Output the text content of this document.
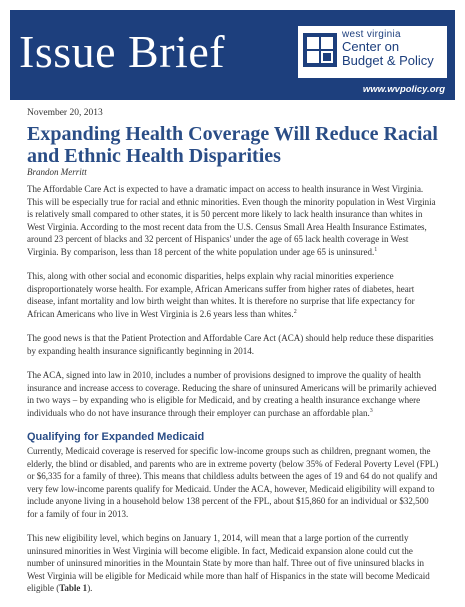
Issue Brief	west virginia
Center on
Budget & Policy
www.wvpolicy.org
November 20, 2013
Expanding Health Coverage Will Reduce Racial and Ethnic Health Disparities
Brandon Merritt

The Affordable Care Act is expected to have a dramatic impact on access to health insurance in West Virginia. This will be especially true for racial and ethnic minorities. Even though the minority population in West Virginia is relatively small compared to other states, it is 50 percent more likely to lack health insurance than whites in West Virginia. According to the most recent data from the U.S. Census Small Area Health Insurance Estimates, around 23 percent of blacks and 32 percent of Hispanics' under the age of 65 lack health coverage in West Virginia. By comparison, less than 18 percent of the white population under age 65 is uninsured.$^1$

This, along with other social and economic disparities, helps explain why racial minorities experience disproportionately worse health. For example, African Americans suffer from higher rates of diabetes, heart disease, infant mortality and low birth weight than whites. It is therefore no surprise that life expectancy for African Americans who live in West Virginia is 2.6 years less than whites.$^2$

The good news is that the Patient Protection and Affordable Care Act (ACA) should help reduce these disparities by expanding health insurance significantly beginning in 2014.

The ACA, signed into law in 2010, includes a number of provisions designed to improve the quality of health insurance and increase access to coverage. Reducing the share of uninsured Americans will be primarily achieved in two ways – by expanding who is eligible for Medicaid, and by creating a health insurance exchange where individuals who do not have insurance through their employer can purchase an affordable plan.$^3$

Qualifying for Expanded Medicaid

Currently, Medicaid coverage is reserved for specific low-income groups such as children, pregnant women, the elderly, the blind or disabled, and parents who are in extreme poverty (below 35% of Federal Poverty Level (FPL) or $6,335 for a family of three). This means that childless adults between the ages of 19 and 64 do not qualify and very few low-income parents qualify for Medicaid. Under the ACA, however, Medicaid eligibility will expand to include anyone living in a household below 138 percent of the FPL, about $15,860 for an individual or $32,500 for a family of four in 2013.

This new eligibility level, which begins on January 1, 2014, will mean that a large portion of the currently uninsured minorities in West Virginia will become eligible. In fact, Medicaid expansion alone could cut the number of uninsured minorities in the Mountain State by more than half. Three out of five uninsured blacks in West Virginia will be eligible for Medicaid while more than half of Hispanics in the state will become Medicaid eligible (Table 1).
